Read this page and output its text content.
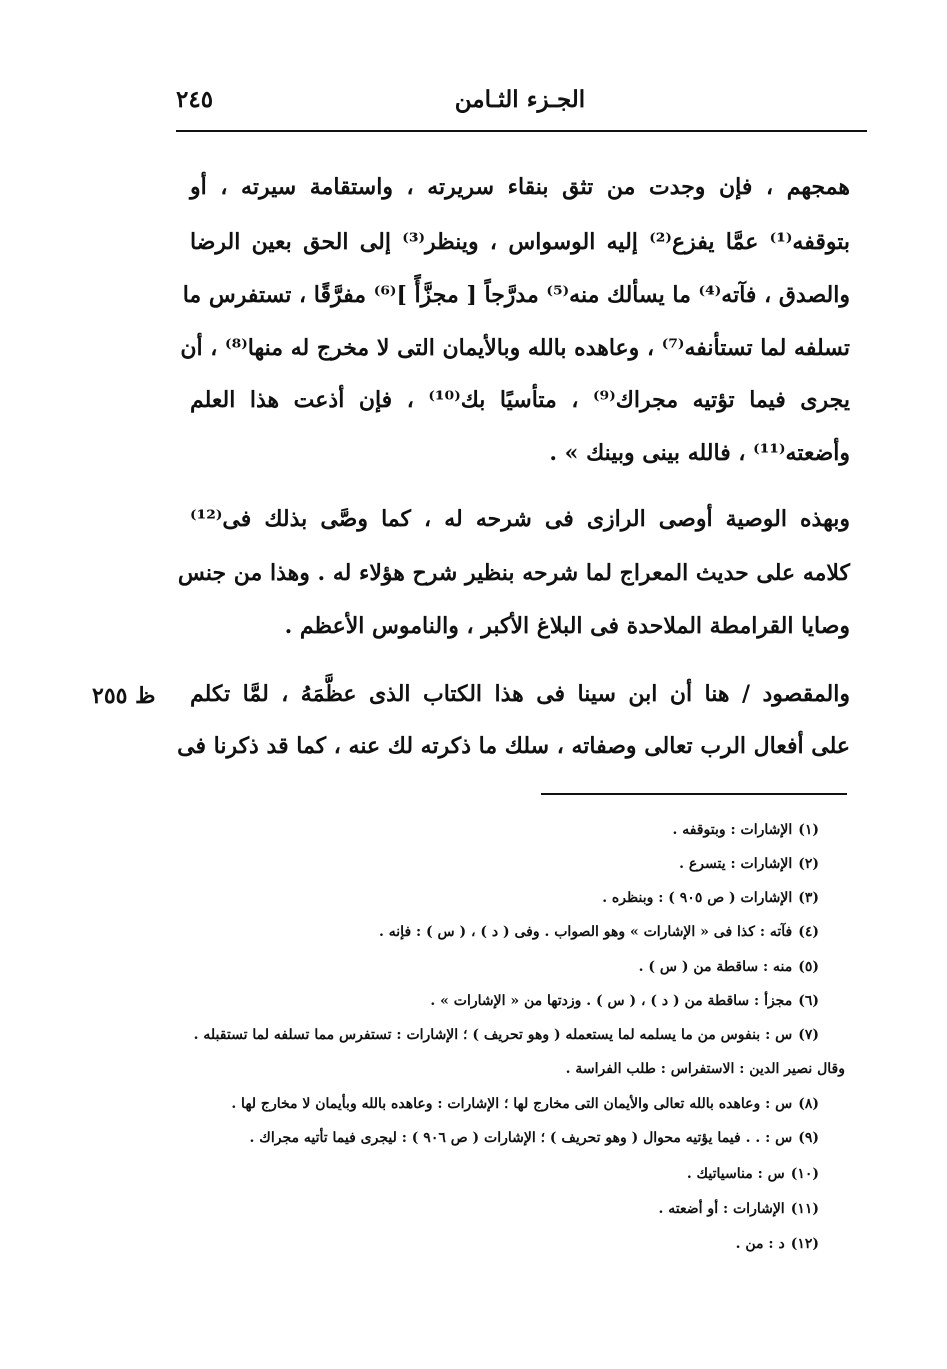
الجـزء الثـامن
٢٤٥
همجهم ، فإن وجدت من تثق بنقاء سريرته ، واستقامة سيرته ، أو
بتوقفه⁽¹⁾ عمَّا يفزع⁽²⁾ إليه الوسواس ، وينظر⁽³⁾ إلى الحق بعين الرضا
والصدق ، فآته⁽⁴⁾ ما يسألك منه⁽⁵⁾ مدرَّجاً [ مجزَّأً ]⁽⁶⁾ مفرَّقًا ، تستفرس ما
تسلفه لما تستأنفه⁽⁷⁾ ، وعاهده بالله وبالأيمان التى لا مخرج له منها⁽⁸⁾ ، أن
يجرى فيما تؤتيه مجراك⁽⁹⁾ ، متأسيًا بك⁽¹⁰⁾ ، فإن أذعت هذا العلم
وأضعته⁽¹¹⁾ ، فالله بينى وبينك » .
وبهذه الوصية أوصى الرازى فى شرحه له ، كما وصَّى بذلك فى⁽¹²⁾
كلامه على حديث المعراج لما شرحه بنظير شرح هؤلاء له . وهذا من جنس
وصايا القرامطة الملاحدة فى البلاغ الأكبر ، والناموس الأعظم .
والمقصود / هنا أن ابن سينا فى هذا الكتاب الذى عظَّمَهُ ، لمَّا تكلم
على أفعال الرب تعالى وصفاته ، سلك ما ذكرته لك عنه ، كما قد ذكرنا فى
ظ ٢٥٥
(١)الإشارات : وبتوقفه .
(٢)الإشارات : يتسرع .
(٣)الإشارات ( ص ٩٠٥ ) : وبنظره .
(٤)فآته : كذا فى « الإشارات » وهو الصواب . وفى ( د ) ، ( س ) : فإنه .
(٥)منه : ساقطة من ( س ) .
(٦)مجزأ : ساقطة من ( د ) ، ( س ) . وزدتها من « الإشارات » .
(٧)س : بنفوس من ما يسلمه لما يستعمله ( وهو تحريف ) ؛ الإشارات : تستفرس مما تسلفه لما تستقبله .
وقال نصير الدين : الاستفراس : طلب الفراسة .
(٨)س : وعاهده بالله تعالى والأيمان التى مخارج لها ؛ الإشارات : وعاهده بالله وبأيمان لا مخارج لها .
(٩)س : . . فيما يؤتيه محوال ( وهو تحريف ) ؛ الإشارات ( ص ٩٠٦ ) : ليجرى فيما تأتيه مجراك .
(١٠)س : مناسياتيك .
(١١)الإشارات : أو أضعته .
(١٢)د : من .
